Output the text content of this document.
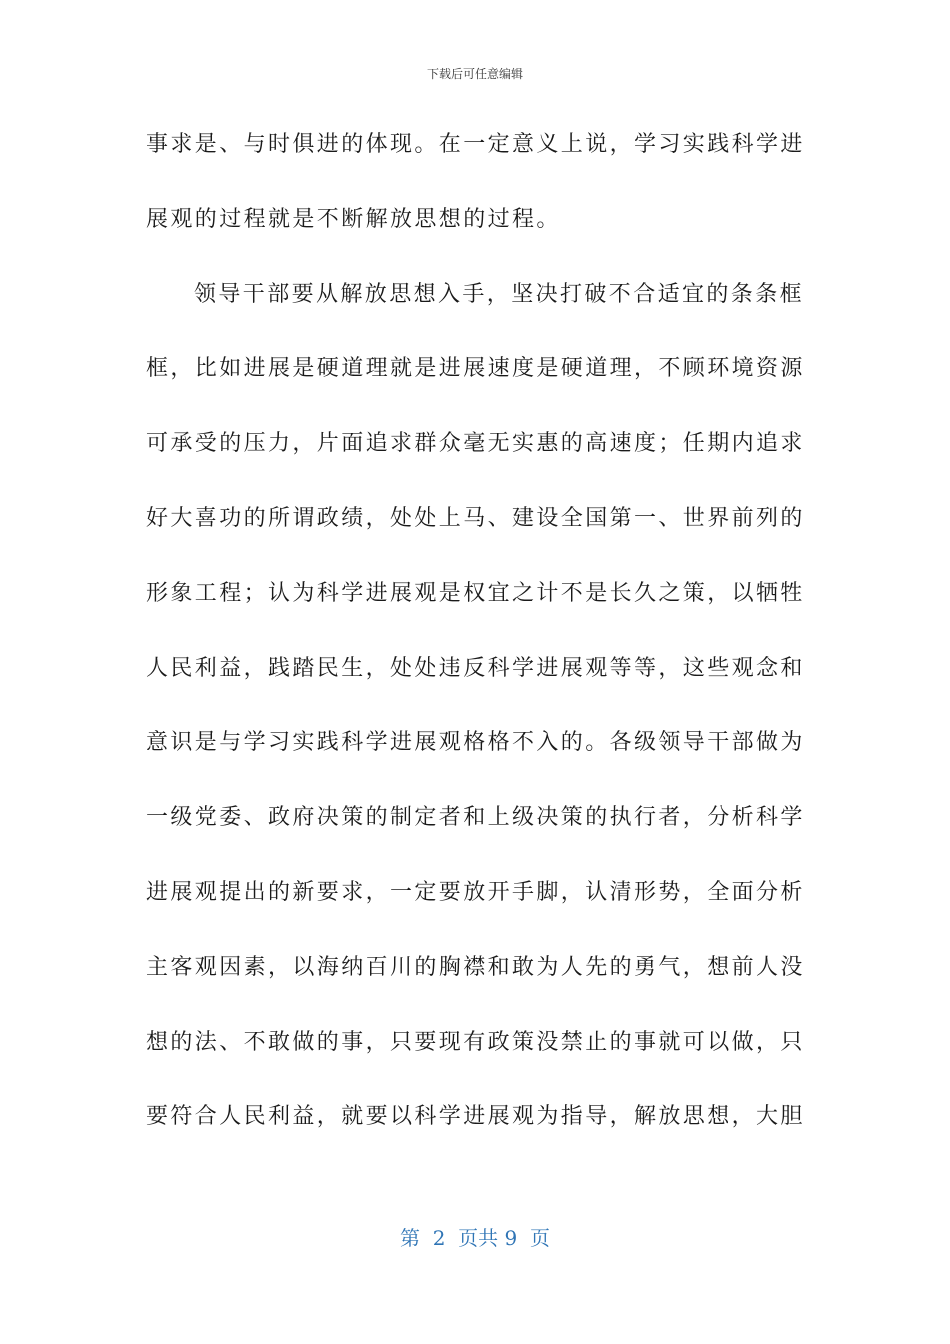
下载后可任意编辑
事求是、与时俱进的体现。在一定意义上说，学习实践科学进
展观的过程就是不断解放思想的过程。
领导干部要从解放思想入手，坚决打破不合适宜的条条框
框，比如进展是硬道理就是进展速度是硬道理，不顾环境资源
可承受的压力，片面追求群众毫无实惠的高速度；任期内追求
好大喜功的所谓政绩，处处上马、建设全国第一、世界前列的
形象工程；认为科学进展观是权宜之计不是长久之策，以牺牲
人民利益，践踏民生，处处违反科学进展观等等，这些观念和
意识是与学习实践科学进展观格格不入的。各级领导干部做为
一级党委、政府决策的制定者和上级决策的执行者，分析科学
进展观提出的新要求，一定要放开手脚，认清形势，全面分析
主客观因素，以海纳百川的胸襟和敢为人先的勇气，想前人没
想的法、不敢做的事，只要现有政策没禁止的事就可以做，只
要符合人民利益，就要以科学进展观为指导，解放思想，大胆
第  2  页共 9  页
